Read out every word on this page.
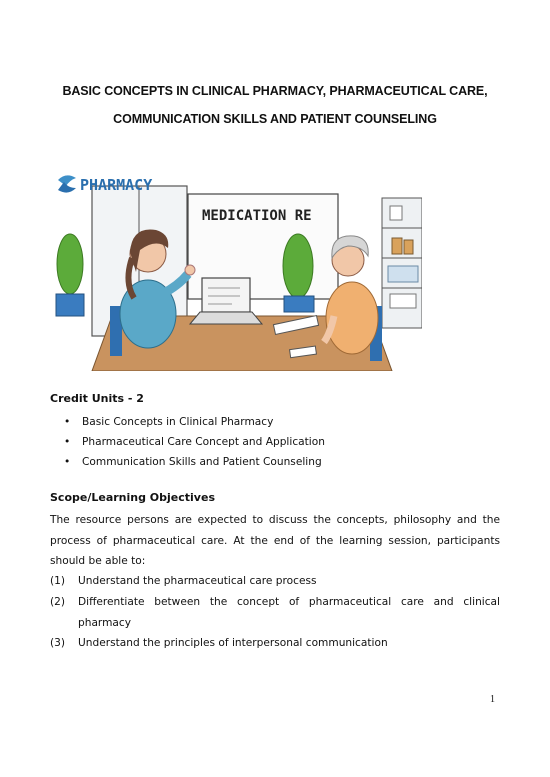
BASIC CONCEPTS IN CLINICAL PHARMACY, PHARMACEUTICAL CARE,
COMMUNICATION SKILLS AND PATIENT COUNSELING
MEDICATION RE
PHARMACY
Credit Units - 2
• Basic Concepts in Clinical Pharmacy
• Pharmaceutical Care Concept and Application
• Communication Skills and Patient Counseling
Scope/Learning Objectives
The resource persons are expected to discuss the concepts, philosophy and the
process of pharmaceutical care. At the end of the learning session, participants
should be able to:
(1) Understand the pharmaceutical care process
(2) Differentiate between the concept of pharmaceutical care and clinical
pharmacy
(3) Understand the principles of interpersonal communication
1
